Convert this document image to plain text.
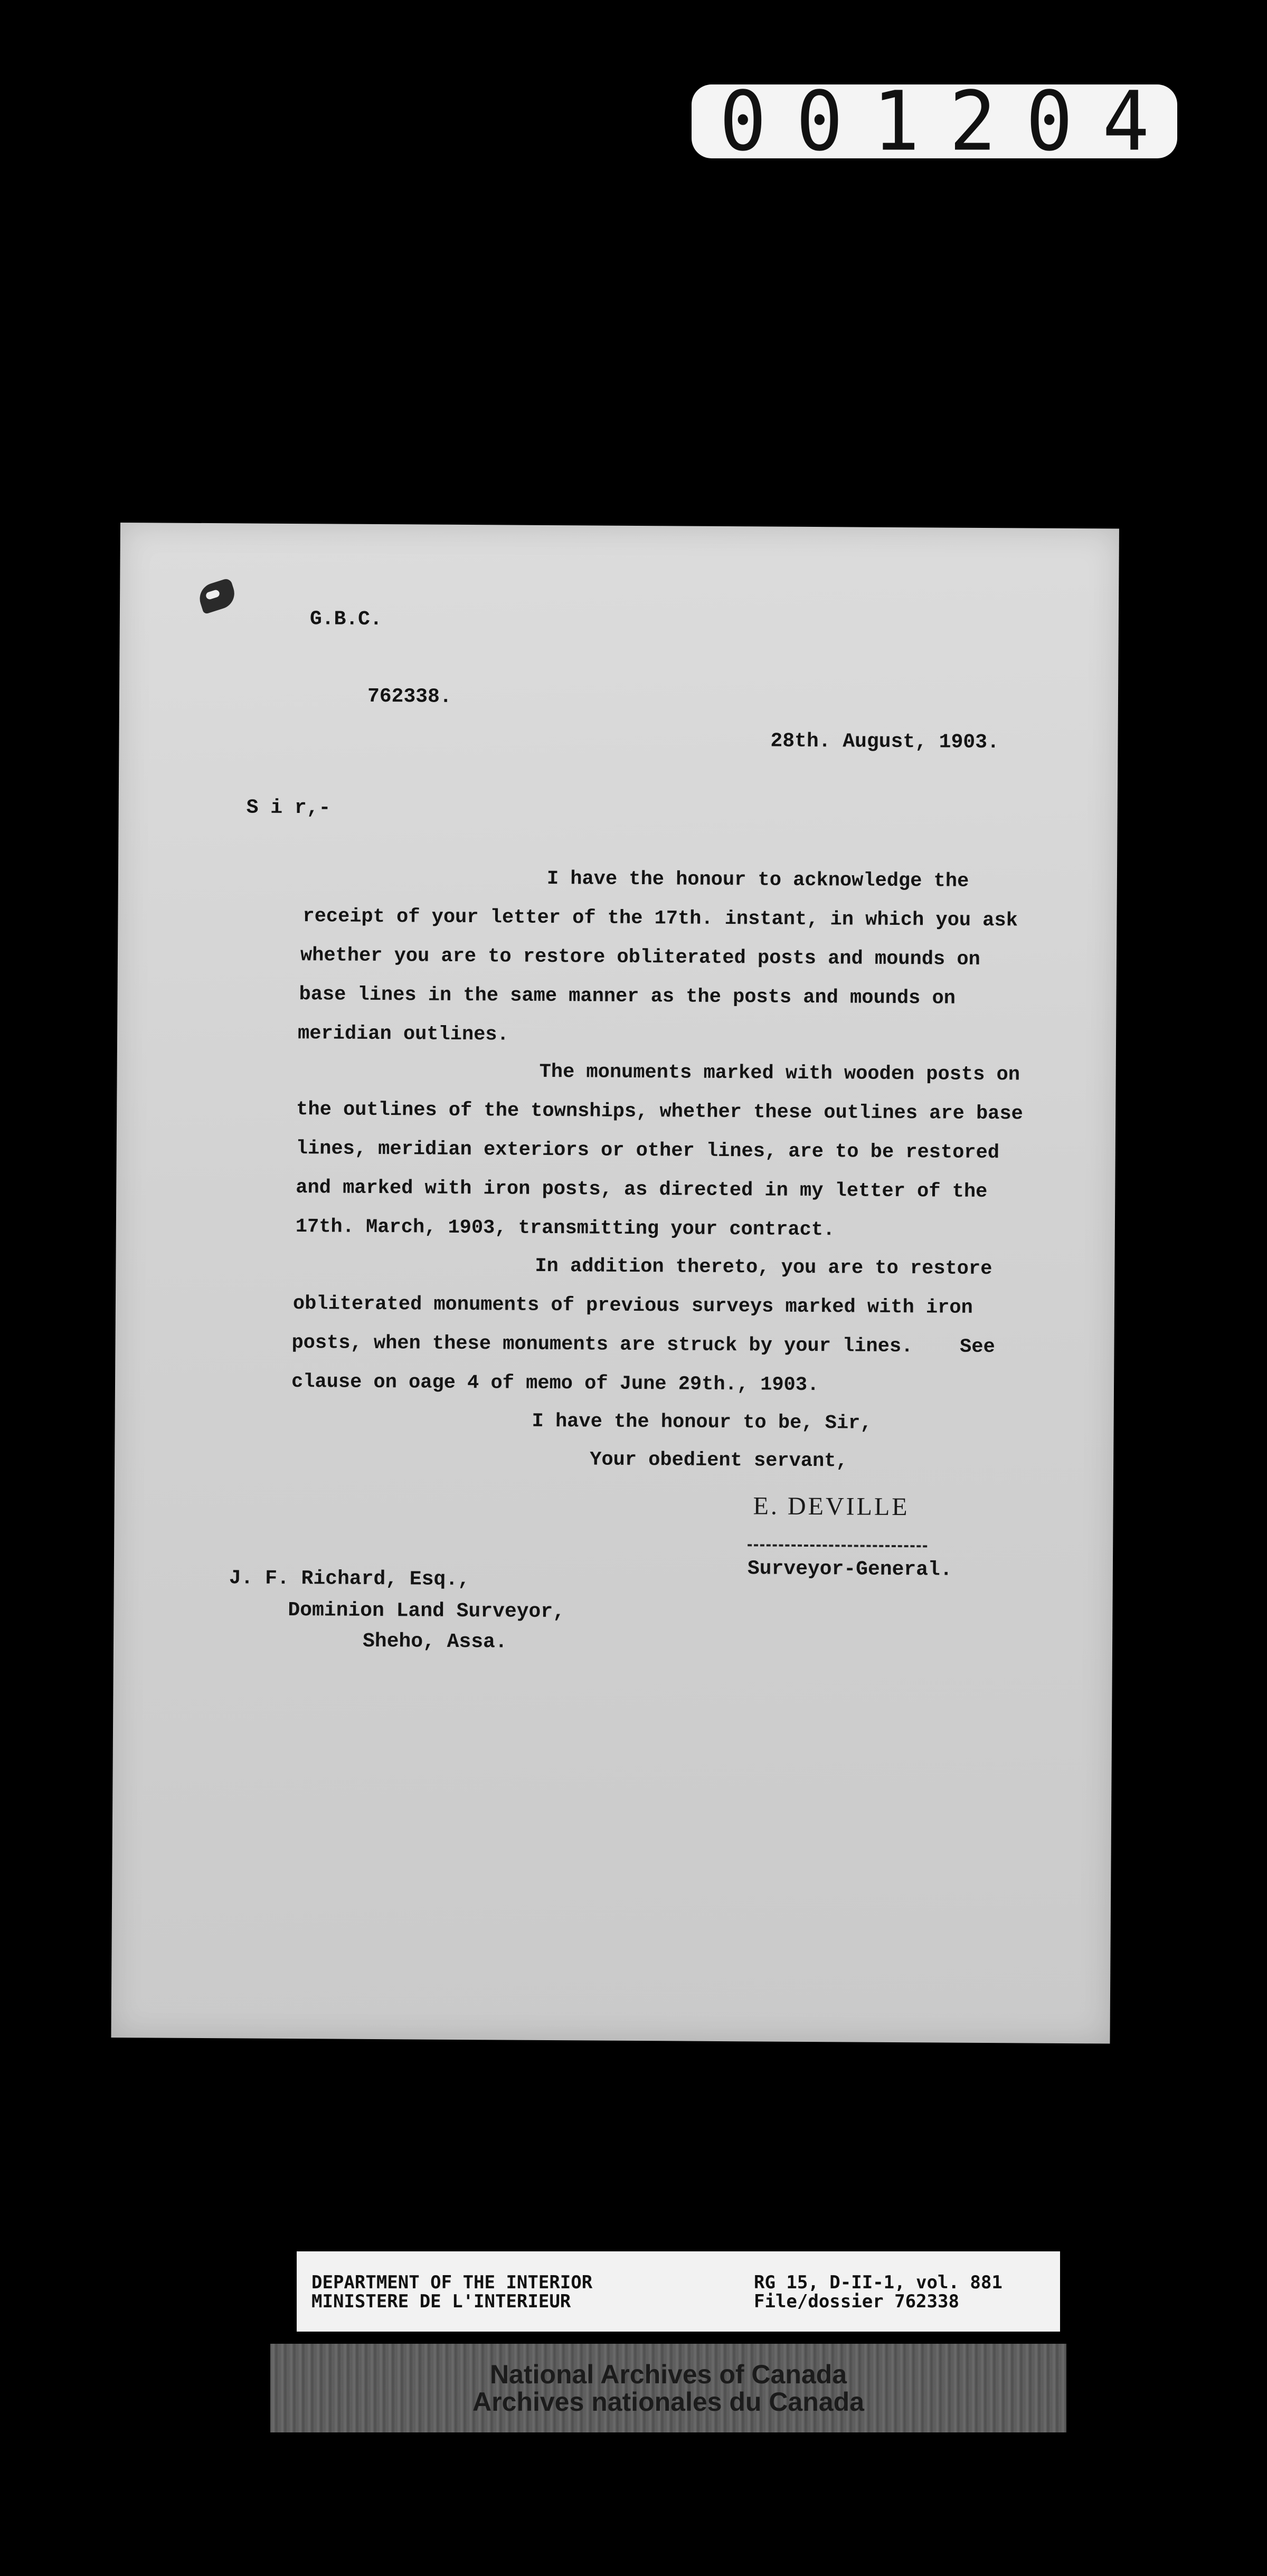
001204
G.B.C.
762338.
28th. August, 1903.
S i r,-
I have the honour to acknowledge the
receipt of your letter of the 17th. instant, in which you ask
whether you are to restore obliterated posts and mounds on
base lines in the same manner as the posts and mounds on
meridian outlines.
The monuments marked with wooden posts on
the outlines of the townships, whether these outlines are base
lines, meridian exteriors or other lines, are to be restored
and marked with iron posts, as directed in my letter of the
17th. March, 1903, transmitting your contract.
In addition thereto, you are to restore
obliterated monuments of previous surveys marked with iron
posts, when these monuments are struck by your lines.    See
clause on oage 4 of memo of June 29th., 1903.
I have the honour to be, Sir,
Your obedient servant,
E. DEVILLE
Surveyor-General.
J. F. Richard, Esq.,
Dominion Land Surveyor,
Sheho, Assa.
DEPARTMENT OF THE INTERIOR
MINISTERE DE L'INTERIEUR
RG 15, D-II-1, vol. 881
File/dossier 762338
National Archives of Canada
Archives nationales du Canada
